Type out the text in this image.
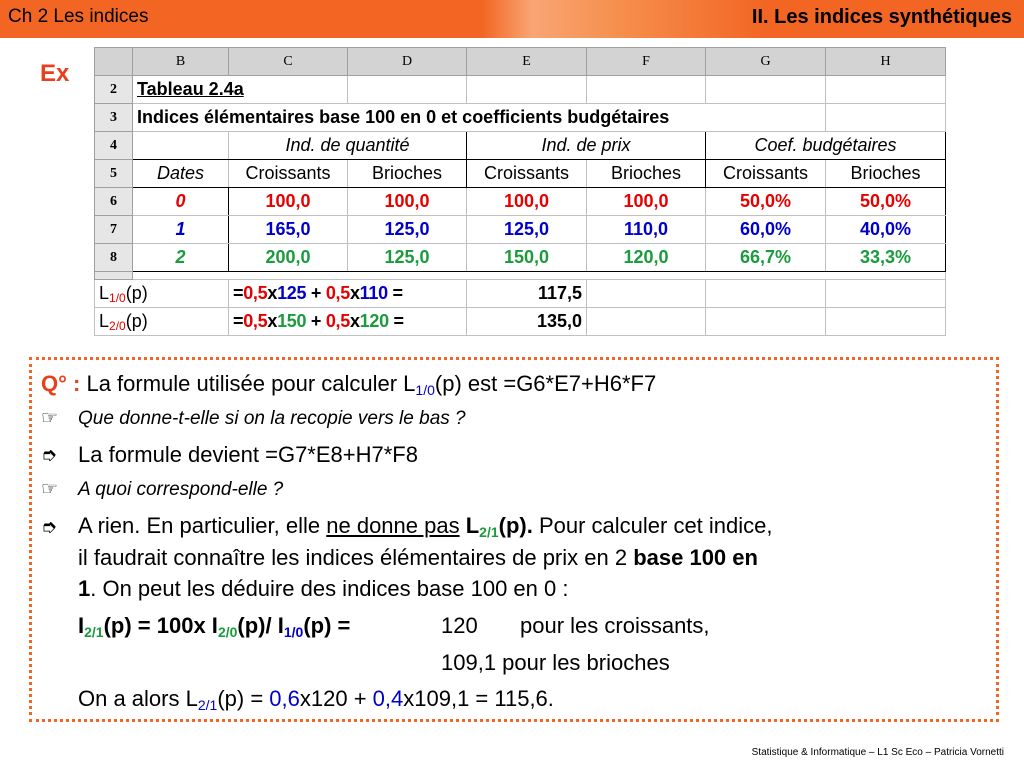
Ch 2 Les indices	II. Les indices synthétiques
Ex
		B	C	D	E	F	G	H
2	Tableau 2.4a						
3	Indices élémentaires base 100 en 0 et coefficients budgétaires						
4		Ind. de quantité		Ind. de prix		Coef. budgétaires	
5	Dates	Croissants	Brioches	Croissants	Brioches	Croissants	Brioches
6	0	100,0	100,0	100,0	100,0	50,0%	50,0%
7	1	165,0	125,0	125,0	110,0	60,0%	40,0%
8	2	200,0	125,0	150,0	120,0	66,7%	33,3%

$L_{1/0}(p)$		=0,5x125 + 0,5x110 =		117,5			
$L_{2/0}(p)$		=0,5x150 + 0,5x120 =		135,0			
Q° : La formule utilisée pour calculer $L_{1/0}(p)$ est =G6*E7+H6*F7
☞ Que donne-t-elle si on la recopie vers le bas ?
➮ La formule devient =G7*E8+H7*F8
☞ A quoi correspond-elle ?
➮ A rien. En particulier, elle ne donne pas $L_{2/1}(p)$. Pour calculer cet indice,
il faudrait connaître les indices élémentaires de prix en 2 base 100 en
1. On peut les déduire des indices base 100 en 0 :
$I_{2/1}(p) = 100x$ $I_{2/0}(p)/$ $I_{1/0}(p)$ =	120 pour les croissants,
109,1 pour les brioches
On a alors $L_{2/1}(p) = 0,6x120 + 0,4x109,1 = 115,6$.
Statistique & Informatique – L1 Sc Eco – Patricia Vornetti
